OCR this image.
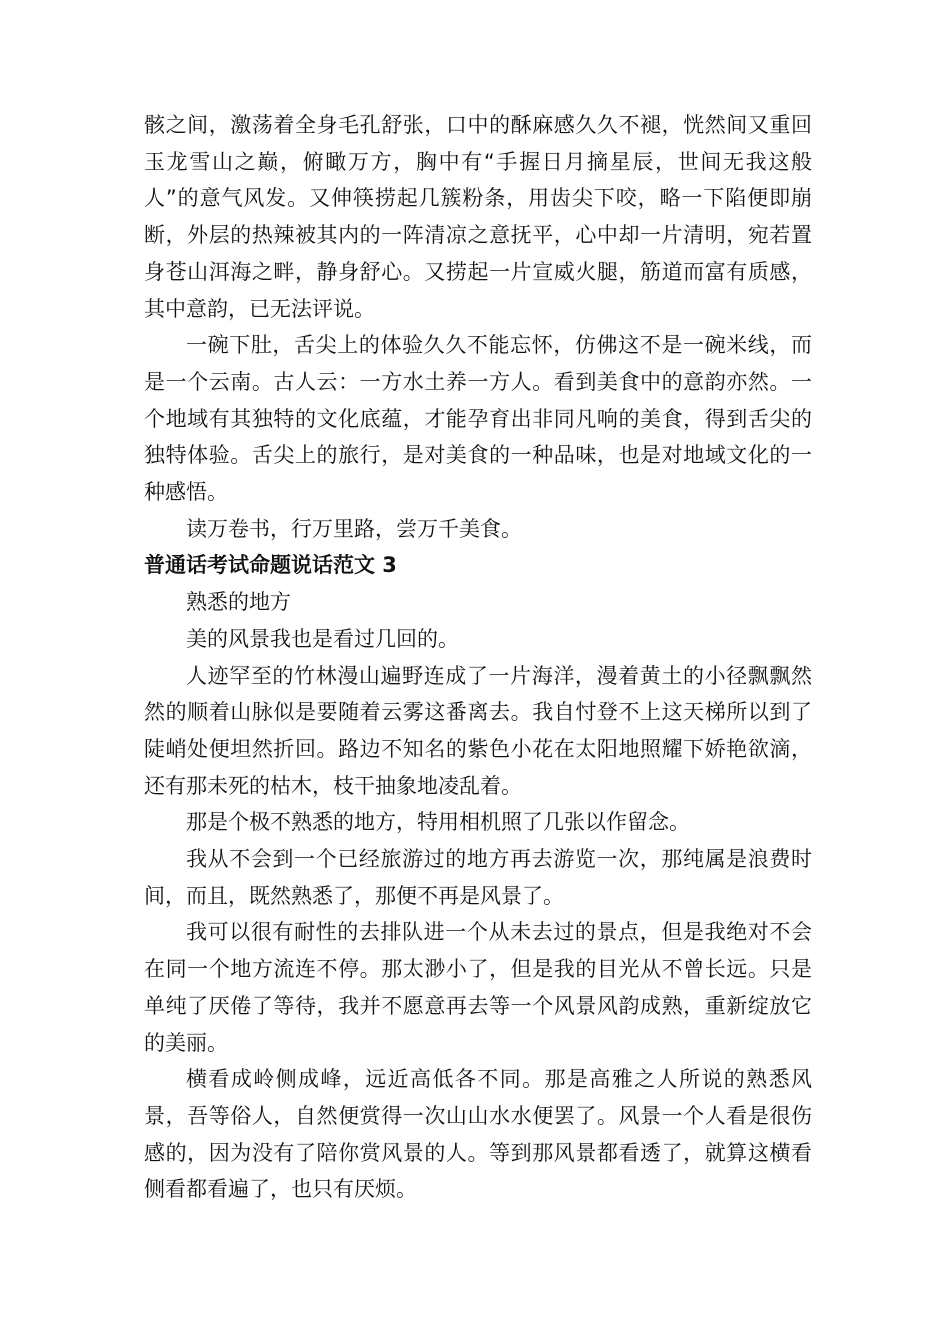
骸之间，激荡着全身毛孔舒张，口中的酥麻感久久不褪，恍然间又重回玉龙雪山之巅，俯瞰万方，胸中有“手握日月摘星辰，世间无我这般人”的意气风发。又伸筷捞起几簇粉条，用齿尖下咬，略一下陷便即崩断，外层的热辣被其内的一阵清凉之意抚平，心中却一片清明，宛若置身苍山洱海之畔，静身舒心。又捞起一片宣威火腿，筋道而富有质感，其中意韵，已无法评说。

一碗下肚，舌尖上的体验久久不能忘怀，仿佛这不是一碗米线，而是一个云南。古人云：一方水土养一方人。看到美食中的意韵亦然。一个地域有其独特的文化底蕴，才能孕育出非同凡响的美食，得到舌尖的独特体验。舌尖上的旅行，是对美食的一种品味，也是对地域文化的一种感悟。

读万卷书，行万里路，尝万千美食。

普通话考试命题说话范文 3

熟悉的地方

美的风景我也是看过几回的。

人迹罕至的竹林漫山遍野连成了一片海洋，漫着黄土的小径飘飘然然的顺着山脉似是要随着云雾这番离去。我自忖登不上这天梯所以到了陡峭处便坦然折回。路边不知名的紫色小花在太阳地照耀下娇艳欲滴，还有那未死的枯木，枝干抽象地凌乱着。

那是个极不熟悉的地方，特用相机照了几张以作留念。

我从不会到一个已经旅游过的地方再去游览一次，那纯属是浪费时间，而且，既然熟悉了，那便不再是风景了。

我可以很有耐性的去排队进一个从未去过的景点，但是我绝对不会在同一个地方流连不停。那太渺小了，但是我的目光从不曾长远。只是单纯了厌倦了等待，我并不愿意再去等一个风景风韵成熟，重新绽放它的美丽。

横看成岭侧成峰，远近高低各不同。那是高雅之人所说的熟悉风景，吾等俗人，自然便赏得一次山山水水便罢了。风景一个人看是很伤感的，因为没有了陪你赏风景的人。等到那风景都看透了，就算这横看侧看都看遍了，也只有厌烦。
